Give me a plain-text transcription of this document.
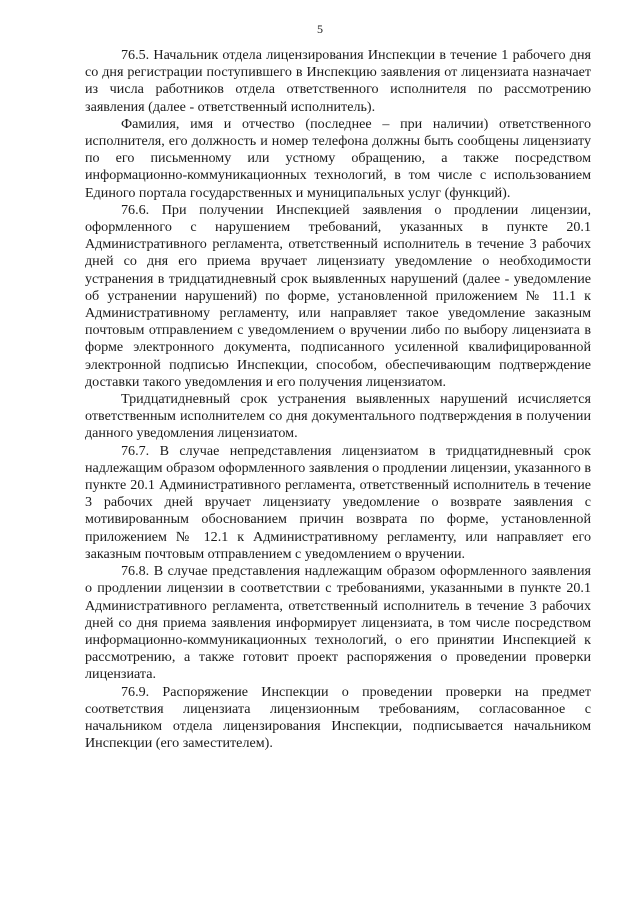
5

76.5. Начальник отдела лицензирования Инспекции в течение 1 рабочего дня со дня регистрации поступившего в Инспекцию заявления от лицензиата назначает из числа работников отдела ответственного исполнителя по рассмотрению заявления (далее - ответственный исполнитель).

Фамилия, имя и отчество (последнее – при наличии) ответственного исполнителя, его должность и номер телефона должны быть сообщены лицензиату по его письменному или устному обращению, а также посредством информационно-коммуникационных технологий, в том числе с использованием Единого портала государственных и муниципальных услуг (функций).

76.6. При получении Инспекцией заявления о продлении лицензии, оформленного с нарушением требований, указанных в пункте 20.1 Административного регламента, ответственный исполнитель в течение 3 рабочих дней со дня его приема вручает лицензиату уведомление о необходимости устранения в тридцатидневный срок выявленных нарушений (далее - уведомление об устранении нарушений) по форме, установленной приложением № 11.1 к Административному регламенту, или направляет такое уведомление заказным почтовым отправлением с уведомлением о вручении либо по выбору лицензиата в форме электронного документа, подписанного усиленной квалифицированной электронной подписью Инспекции, способом, обеспечивающим подтверждение доставки такого уведомления и его получения лицензиатом.

Тридцатидневный срок устранения выявленных нарушений исчисляется ответственным исполнителем со дня документального подтверждения в получении данного уведомления лицензиатом.

76.7. В случае непредставления лицензиатом в тридцатидневный срок надлежащим образом оформленного заявления о продлении лицензии, указанного в пункте 20.1 Административного регламента, ответственный исполнитель в течение 3 рабочих дней вручает лицензиату уведомление о возврате заявления с мотивированным обоснованием причин возврата по форме, установленной приложением № 12.1 к Административному регламенту, или направляет его заказным почтовым отправлением с уведомлением о вручении.

76.8. В случае представления надлежащим образом оформленного заявления о продлении лицензии в соответствии с требованиями, указанными в пункте 20.1 Административного регламента, ответственный исполнитель в течение 3 рабочих дней со дня приема заявления информирует лицензиата, в том числе посредством информационно-коммуникационных технологий, о его принятии Инспекцией к рассмотрению, а также готовит проект распоряжения о проведении проверки лицензиата.

76.9. Распоряжение Инспекции о проведении проверки на предмет соответствия лицензиата лицензионным требованиям, согласованное с начальником отдела лицензирования Инспекции, подписывается начальником Инспекции (его заместителем).
